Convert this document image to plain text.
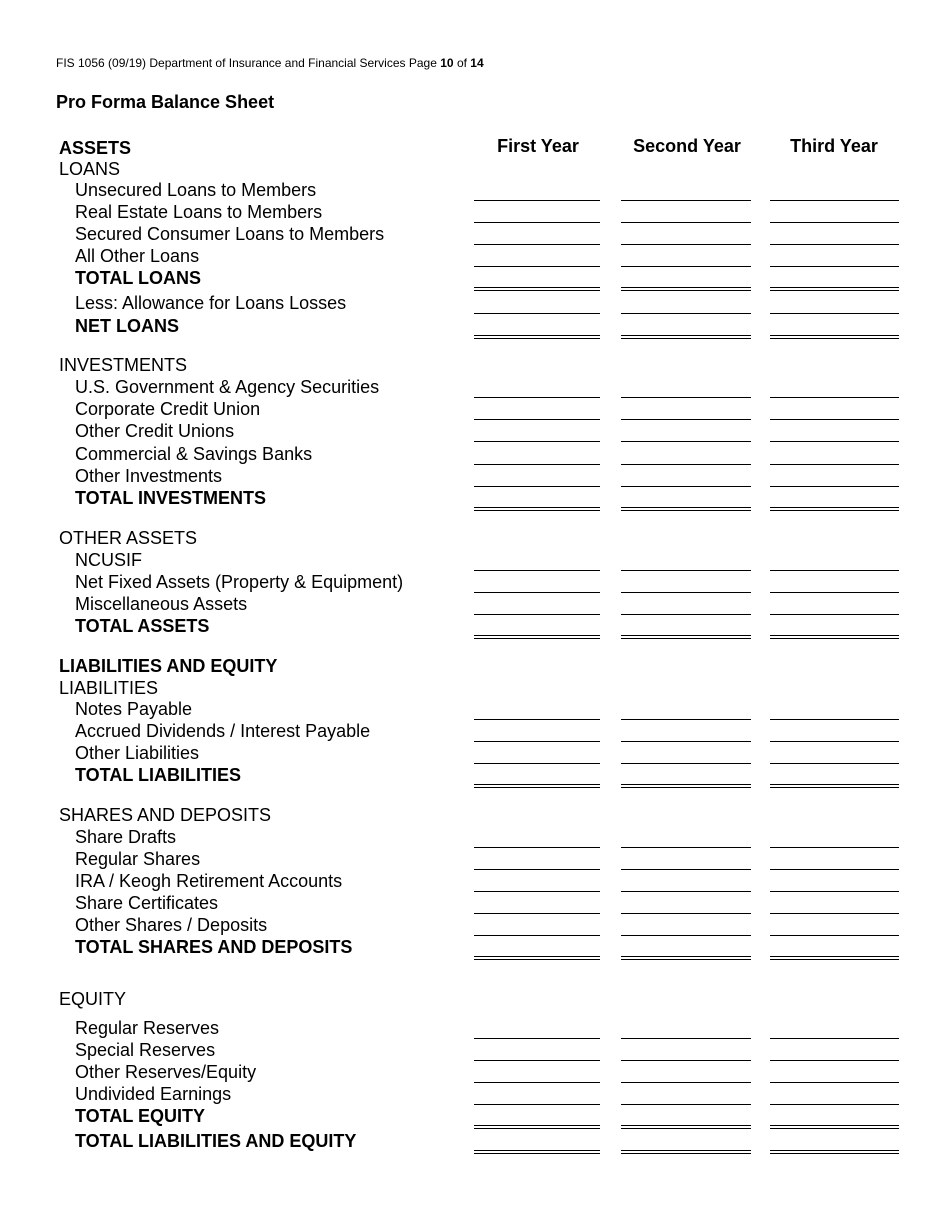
FIS 1056 (09/19) Department of Insurance and Financial Services Page 10 of 14
Pro Forma Balance Sheet
First Year	Second Year	Third Year
ASSETS
LOANS
Unsecured Loans to Members
Real Estate Loans to Members
Secured Consumer Loans to Members
All Other Loans
TOTAL LOANS
Less: Allowance for Loans Losses
NET LOANS
INVESTMENTS
U.S. Government & Agency Securities
Corporate Credit Union
Other Credit Unions
Commercial & Savings Banks
Other Investments
TOTAL INVESTMENTS
OTHER ASSETS
NCUSIF
Net Fixed Assets (Property & Equipment)
Miscellaneous Assets
TOTAL ASSETS
LIABILITIES AND EQUITY
LIABILITIES
Notes Payable
Accrued Dividends / Interest Payable
Other Liabilities
TOTAL LIABILITIES
SHARES AND DEPOSITS
Share Drafts
Regular Shares
IRA / Keogh Retirement Accounts
Share Certificates
Other Shares / Deposits
TOTAL SHARES AND DEPOSITS
EQUITY
Regular Reserves
Special Reserves
Other Reserves/Equity
Undivided Earnings
TOTAL EQUITY
TOTAL LIABILITIES AND EQUITY
